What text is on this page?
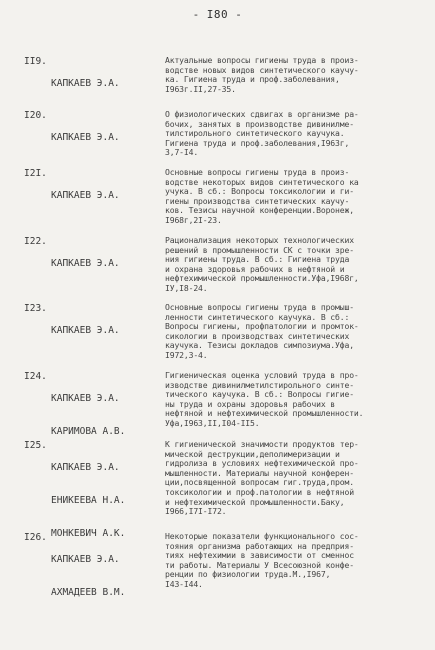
- I80 -
II9.

КАПКАЕВ Э.А.

Актуальные вопросы гигиены труда в произ-
водстве новых видов синтетического каучу-
ка. Гигиена труда и проф.заболевания,
I963г.II,27-35.
I20.

КАПКАЕВ Э.А.

О физиологических сдвигах в организме ра-
бочих, занятых в производстве дивинилме-
тилстирольного синтетического каучука.
Гигиена труда и проф.заболевания,I963г,
3,7-I4.
I2I.

КАПКАЕВ Э.А.

Основные вопросы гигиены труда в произ-
водстве некоторых видов синтетического ка
учука. В сб.: Вопросы токсикологии и ги-
гиены производства синтетических каучу-
ков. Тезисы научной конференции.Воронеж,
I968г,2I-23.
I22.

КАПКАЕВ Э.А.

Рационализация некоторых технологических
решений в промышленности СК с точки зре-
ния гигиены труда. В сб.: Гигиена труда
и охрана здоровья рабочих в нефтяной и
нефтехимической промышленности.Уфа,I968г,
IУ,I8-24.
I23.

КАПКАЕВ Э.А.

Основные вопросы гигиены труда в промыш-
ленности синтетического каучука. В сб.:
Вопросы гигиены, профпатологии и промток-
сикологии в производствах синтетических
каучука. Тезисы докладов симпозиума.Уфа,
I972,3-4.
I24.

КАПКАЕВ Э.А.

КАРИМОВА А.В.

Гигиеническая оценка условий труда в про-
изводстве дивинилметилстирольного синте-
тического каучука. В сб.: Вопросы гигие-
ны труда и охраны здоровья рабочих в
нефтяной и нефтехимической промышленности.
Уфа,I963,II,I04-II5.
I25.

КАПКАЕВ Э.А.

ЕНИКЕЕВА Н.А.

МОНКЕВИЧ А.К.

К гигиенической значимости продуктов тер-
мической деструкции,деполимеризации и
гидролиза в условиях нефтехимической про-
мышленности. Материалы научной конферен-
ции,посвященной вопросам гиг.труда,пром.
токсикологии и проф.патологии в нефтяной
и нефтехимической промышленности.Баку,
I966,I7I-I72.
I26.

КАПКАЕВ Э.А.

АХМАДЕЕВ В.М.

Некоторые показатели функционального сос-
тояния организма работающих на предприя-
тиях нефтехимии в зависимости от сменнос
ти работы. Материалы У Всесоюзной конфе-
ренции по физиологии труда.М.,I967,
I43-I44.
